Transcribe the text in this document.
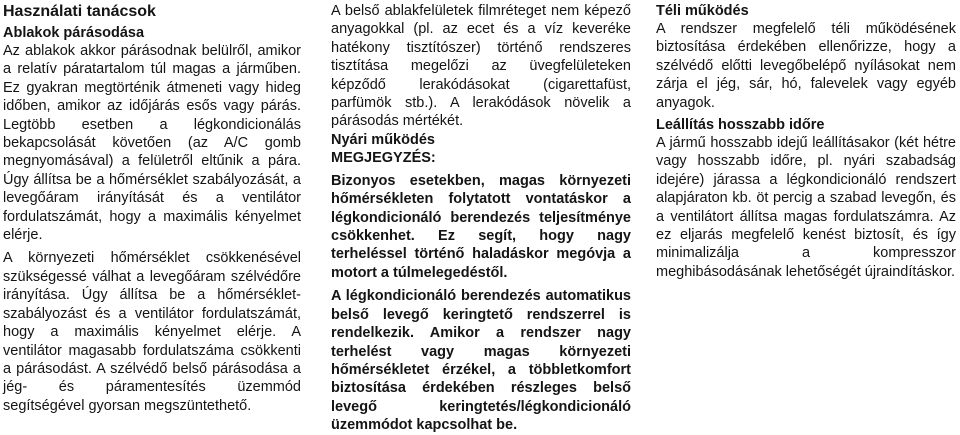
Használati tanácsok
Ablakok párásodása

Az ablakok akkor párásodnak belülről, amikor a relatív páratartalom túl magas a járműben. Ez gyakran megtörténik átmeneti vagy hideg időben, amikor az időjárás esős vagy párás. Legtöbb esetben a légkondicionálás bekapcsolását követően (az A/C gomb megnyomásával) a felületről eltűnik a pára. Úgy állítsa be a hőmérséklet szabályozását, a levegőáram irányítását és a ventilátor fordulatszámát, hogy a maximális kényelmet elérje.

A környezeti hőmérséklet csökkenésével szükségessé válhat a levegőáram szélvédőre irányítása. Úgy állítsa be a hőmérséklet-szabályozást és a ventilátor fordulatszámát, hogy a maximális kényelmet elérje. A ventilátor magasabb fordulatszáma csökkenti a párásodást. A szélvédő belső párásodása a jég- és páramentesítés üzemmód segítségével gyorsan megszüntethető.

A belső ablakfelületek filmréteget nem képező anyagokkal (pl. az ecet és a víz keveréke hatékony tisztítószer) történő rendszeres tisztítása megelőzi az üvegfelületeken képződő lerakódásokat (cigarettafüst, parfümök stb.). A lerakódások növelik a párásodás mértékét.

Nyári működés
MEGJEGYZÉS:

Bizonyos esetekben, magas környezeti hőmérsékleten folytatott vontatáskor a légkondicionáló berendezés teljesítménye csökkenhet. Ez segít, hogy nagy terheléssel történő haladáskor megóvja a motort a túlmelegedéstől.

A légkondicionáló berendezés automatikus belső levegő keringtető rendszerrel is rendelkezik. Amikor a rendszer nagy terhelést vagy magas környezeti hőmérsékletet érzékel, a többletkomfort biztosítása érdekében részleges belső levegő keringtetés/légkondicionáló üzemmódot kapcsolhat be.

Téli működés

A rendszer megfelelő téli működésének biztosítása érdekében ellenőrizze, hogy a szélvédő előtti levegőbelépő nyílásokat nem zárja el jég, sár, hó, falevelek vagy egyéb anyagok.

Leállítás hosszabb időre

A jármű hosszabb idejű leállításakor (két hétre vagy hosszabb időre, pl. nyári szabadság idejére) járassa a légkondicionáló rendszert alapjáraton kb. öt percig a szabad levegőn, és a ventilátort állítsa magas fordulatszámra. Az ez eljarás megfelelő kenést biztosít, és így minimalizálja a kompresszor meghibásodásának lehetőségét újraindításkor.
